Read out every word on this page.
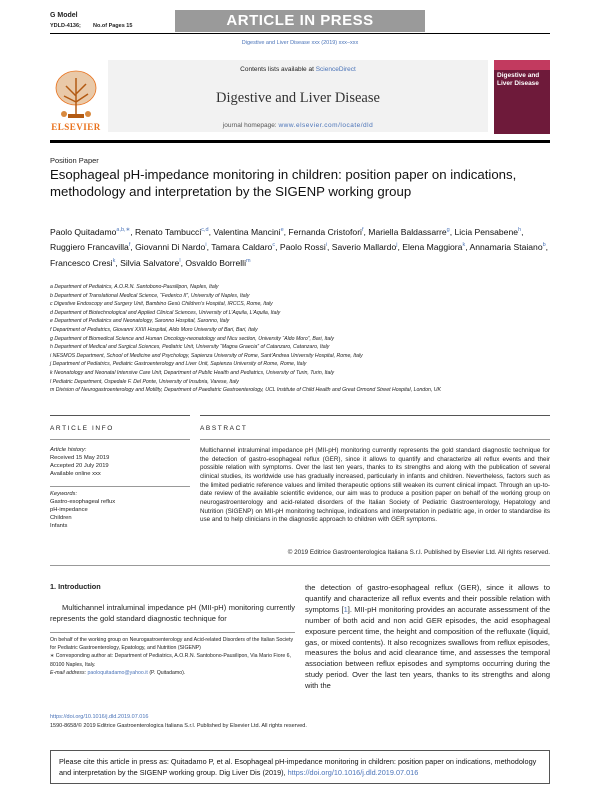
G Model
YDLD-4136; No.of Pages 15	ARTICLE IN PRESS
Digestive and Liver Disease xxx (2019) xxx–xxx
ELSEVIER
Contents lists available at ScienceDirect
Digestive and Liver Disease
journal homepage: www.elsevier.com/locate/dld
Digestive and Liver Disease
Position Paper
Esophageal pH-impedance monitoring in children: position paper on indications, methodology and interpretation by the SIGENP working group
Paolo Quitadamo$^{a,b,∗}$, Renato Tambucci$^{c,d}$, Valentina Mancini$^e$, Fernanda Cristofori$^f$, Mariella Baldassarre$^g$, Licia Pensabene$^h$, Ruggiero Francavilla$^f$, Giovanni Di Nardo$^i$, Tamara Caldaro$^c$, Paolo Rossi$^i$, Saverio Mallardo$^j$, Elena Maggiora$^k$, Annamaria Staiano$^b$, Francesco Cresi$^k$, Silvia Salvatore$^l$, Osvaldo Borrelli$^m$
a Department of Pediatrics, A.O.R.N. Santobono-Pausilipon, Naples, Italy
b Department of Translational Medical Science, “Federico II”, University of Naples, Italy
c Digestive Endoscopy and Surgery Unit, Bambino Gesù Children’s Hospital, IRCCS, Rome, Italy
d Department of Biotechnological and Applied Clinical Sciences, University of L’Aquila, L’Aquila, Italy
e Department of Pediatrics and Neonatology, Saronno Hospital, Saronno, Italy
f Department of Pediatrics, Giovanni XXIII Hospital, Aldo Moro University of Bari, Bari, Italy
g Department of Biomedical Science and Human Oncology-neonatology and Nicu section, University “Aldo Moro”, Bari, Italy
h Department of Medical and Surgical Sciences, Pediatric Unit, University “Magna Graecia” of Catanzaro, Catanzaro, Italy
i NESMOS Department, School of Medicine and Psychology, Sapienza University of Rome, Sant’Andrea University Hospital, Rome, Italy
j Department of Pediatrics, Pediatric Gastroenterology and Liver Unit, Sapienza University of Rome, Rome, Italy
k Neonatology and Neonatal Intensive Care Unit, Department of Public Health and Pediatrics, University of Turin, Turin, Italy
l Pediatric Department, Ospedale F. Del Ponte, University of Insubria, Varese, Italy
m Division of Neurogastroenterology and Motility, Department of Paediatric Gastroenterology, UCL Institute of Child Health and Great Ormond Street Hospital, London, UK
ARTICLE INFO
Article history:
Received 15 May 2019
Accepted 20 July 2019
Available online xxx
Keywords:
Gastro-esophageal reflux
pH-impedance
Children
Infants
ABSTRACT
Multichannel intraluminal impedance pH (MII-pH) monitoring currently represents the gold standard diagnostic technique for the detection of gastro-esophageal reflux (GER), since it allows to quantify and characterize all reflux events and their possible relation with symptoms. Over the last ten years, thanks to its strengths and along with the publication of several clinical studies, its worldwide use has gradually increased, particularly in infants and children. Nevertheless, factors such as the limited pediatric reference values and limited therapeutic options still weaken its current clinical impact. Through an up-to-date review of the available scientific evidence, our aim was to produce a position paper on behalf of the working group on neurogastroenterology and acid-related disorders of the Italian Society of Pediatric Gastroenterology, Hepatology and Nutrition (SIGENP) on MII-pH monitoring technique, indications and interpretation in pediatric age, in order to standardise its use and to help clinicians in the diagnostic approach to children with GER symptoms.
© 2019 Editrice Gastroenterologica Italiana S.r.l. Published by Elsevier Ltd. All rights reserved.
1. Introduction
Multichannel intraluminal impedance pH (MII-pH) monitoring currently represents the gold standard diagnostic technique for
On behalf of the working group on Neurogastroenterology and Acid-related Disorders of the Italian Society for Pediatric Gastroenterology, Epatology, and Nutrition (SIGENP)
∗ Corresponding author at: Department of Pediatrics, A.O.R.N. Santobono-Pausilipon, Via Mario Fiore 6, 80100 Naples, Italy.
E-mail address: paoloquitadamo@yahoo.it (P. Quitadamo).
the detection of gastro-esophageal reflux (GER), since it allows to quantify and characterize all reflux events and their possible relation with symptoms [1]. MII-pH monitoring provides an accurate assessment of the number of both acid and non acid GER episodes, the acid esophageal exposure percent time, the height and composition of the refluxate (liquid, gas, or mixed contents). It also recognizes swallows from reflux episodes, measures the bolus and acid clearance time, and assesses the temporal association between reflux episodes and symptoms occurring during the study period. Over the last ten years, thanks to its strengths and along with the
https://doi.org/10.1016/j.dld.2019.07.016
1590-8658/© 2019 Editrice Gastroenterologica Italiana S.r.l. Published by Elsevier Ltd. All rights reserved.
Please cite this article in press as: Quitadamo P, et al. Esophageal pH-impedance monitoring in children: position paper on indications, methodology and interpretation by the SIGENP working group. Dig Liver Dis (2019), https://doi.org/10.1016/j.dld.2019.07.016
